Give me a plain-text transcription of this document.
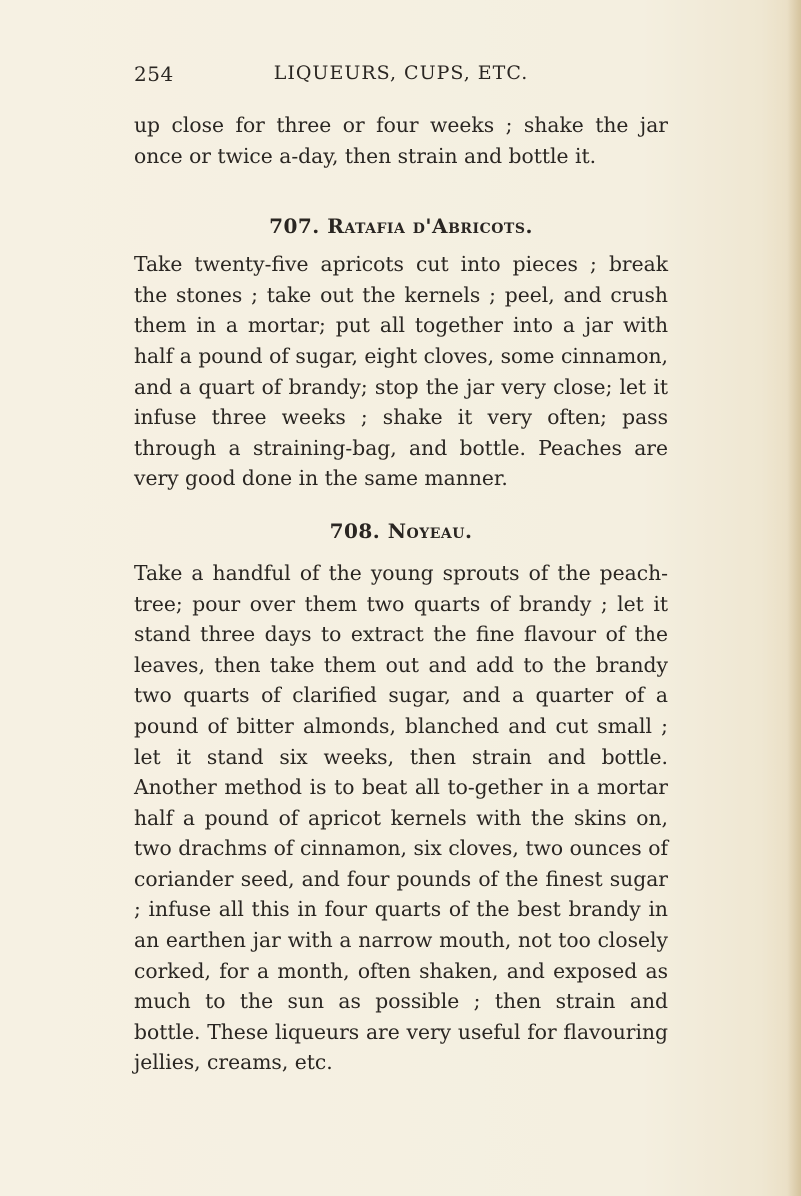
254	LIQUEURS, CUPS, ETC.

up close for three or four weeks ; shake the jar once or twice a-day, then strain and bottle it.

707. Ratafia d'Abricots.

Take twenty-five apricots cut into pieces ; break the stones ; take out the kernels ; peel, and crush them in a mortar; put all together into a jar with half a pound of sugar, eight cloves, some cinnamon, and a quart of brandy; stop the jar very close; let it infuse three weeks ; shake it very often; pass through a straining-bag, and bottle. Peaches are very good done in the same manner.

708. Noyeau.

Take a handful of the young sprouts of the peach-tree; pour over them two quarts of brandy ; let it stand three days to extract the fine flavour of the leaves, then take them out and add to the brandy two quarts of clarified sugar, and a quarter of a pound of bitter almonds, blanched and cut small ; let it stand six weeks, then strain and bottle. Another method is to beat all to-gether in a mortar half a pound of apricot kernels with the skins on, two drachms of cinnamon, six cloves, two ounces of coriander seed, and four pounds of the finest sugar ; infuse all this in four quarts of the best brandy in an earthen jar with a narrow mouth, not too closely corked, for a month, often shaken, and exposed as much to the sun as possible ; then strain and bottle. These liqueurs are very useful for flavouring jellies, creams, etc.
